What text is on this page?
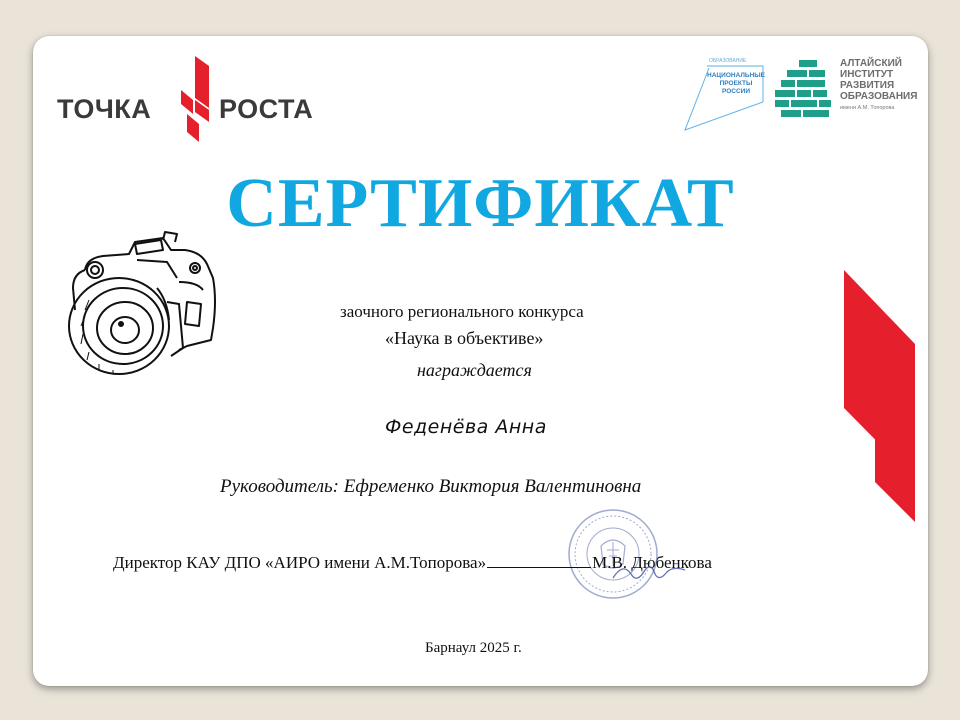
ТОЧКА	РОСТА
ОБРАЗОВАНИЕ
НАЦИОНАЛЬНЫЕ
ПРОЕКТЫ
РОССИИ
АЛТАЙСКИЙ
ИНСТИТУТ
РАЗВИТИЯ
ОБРАЗОВАНИЯ
имени А.М. Топорова
СЕРТИФИКАТ
заочного регионального конкурса
«Наука в объективе»
награждается
Феденёва Анна
Руководитель: Ефременко Виктория Валентиновна
Директор КАУ ДПО «АИРО имени А.М.Топорова»	М.В. Дюбенкова
Барнаул 2025 г.
